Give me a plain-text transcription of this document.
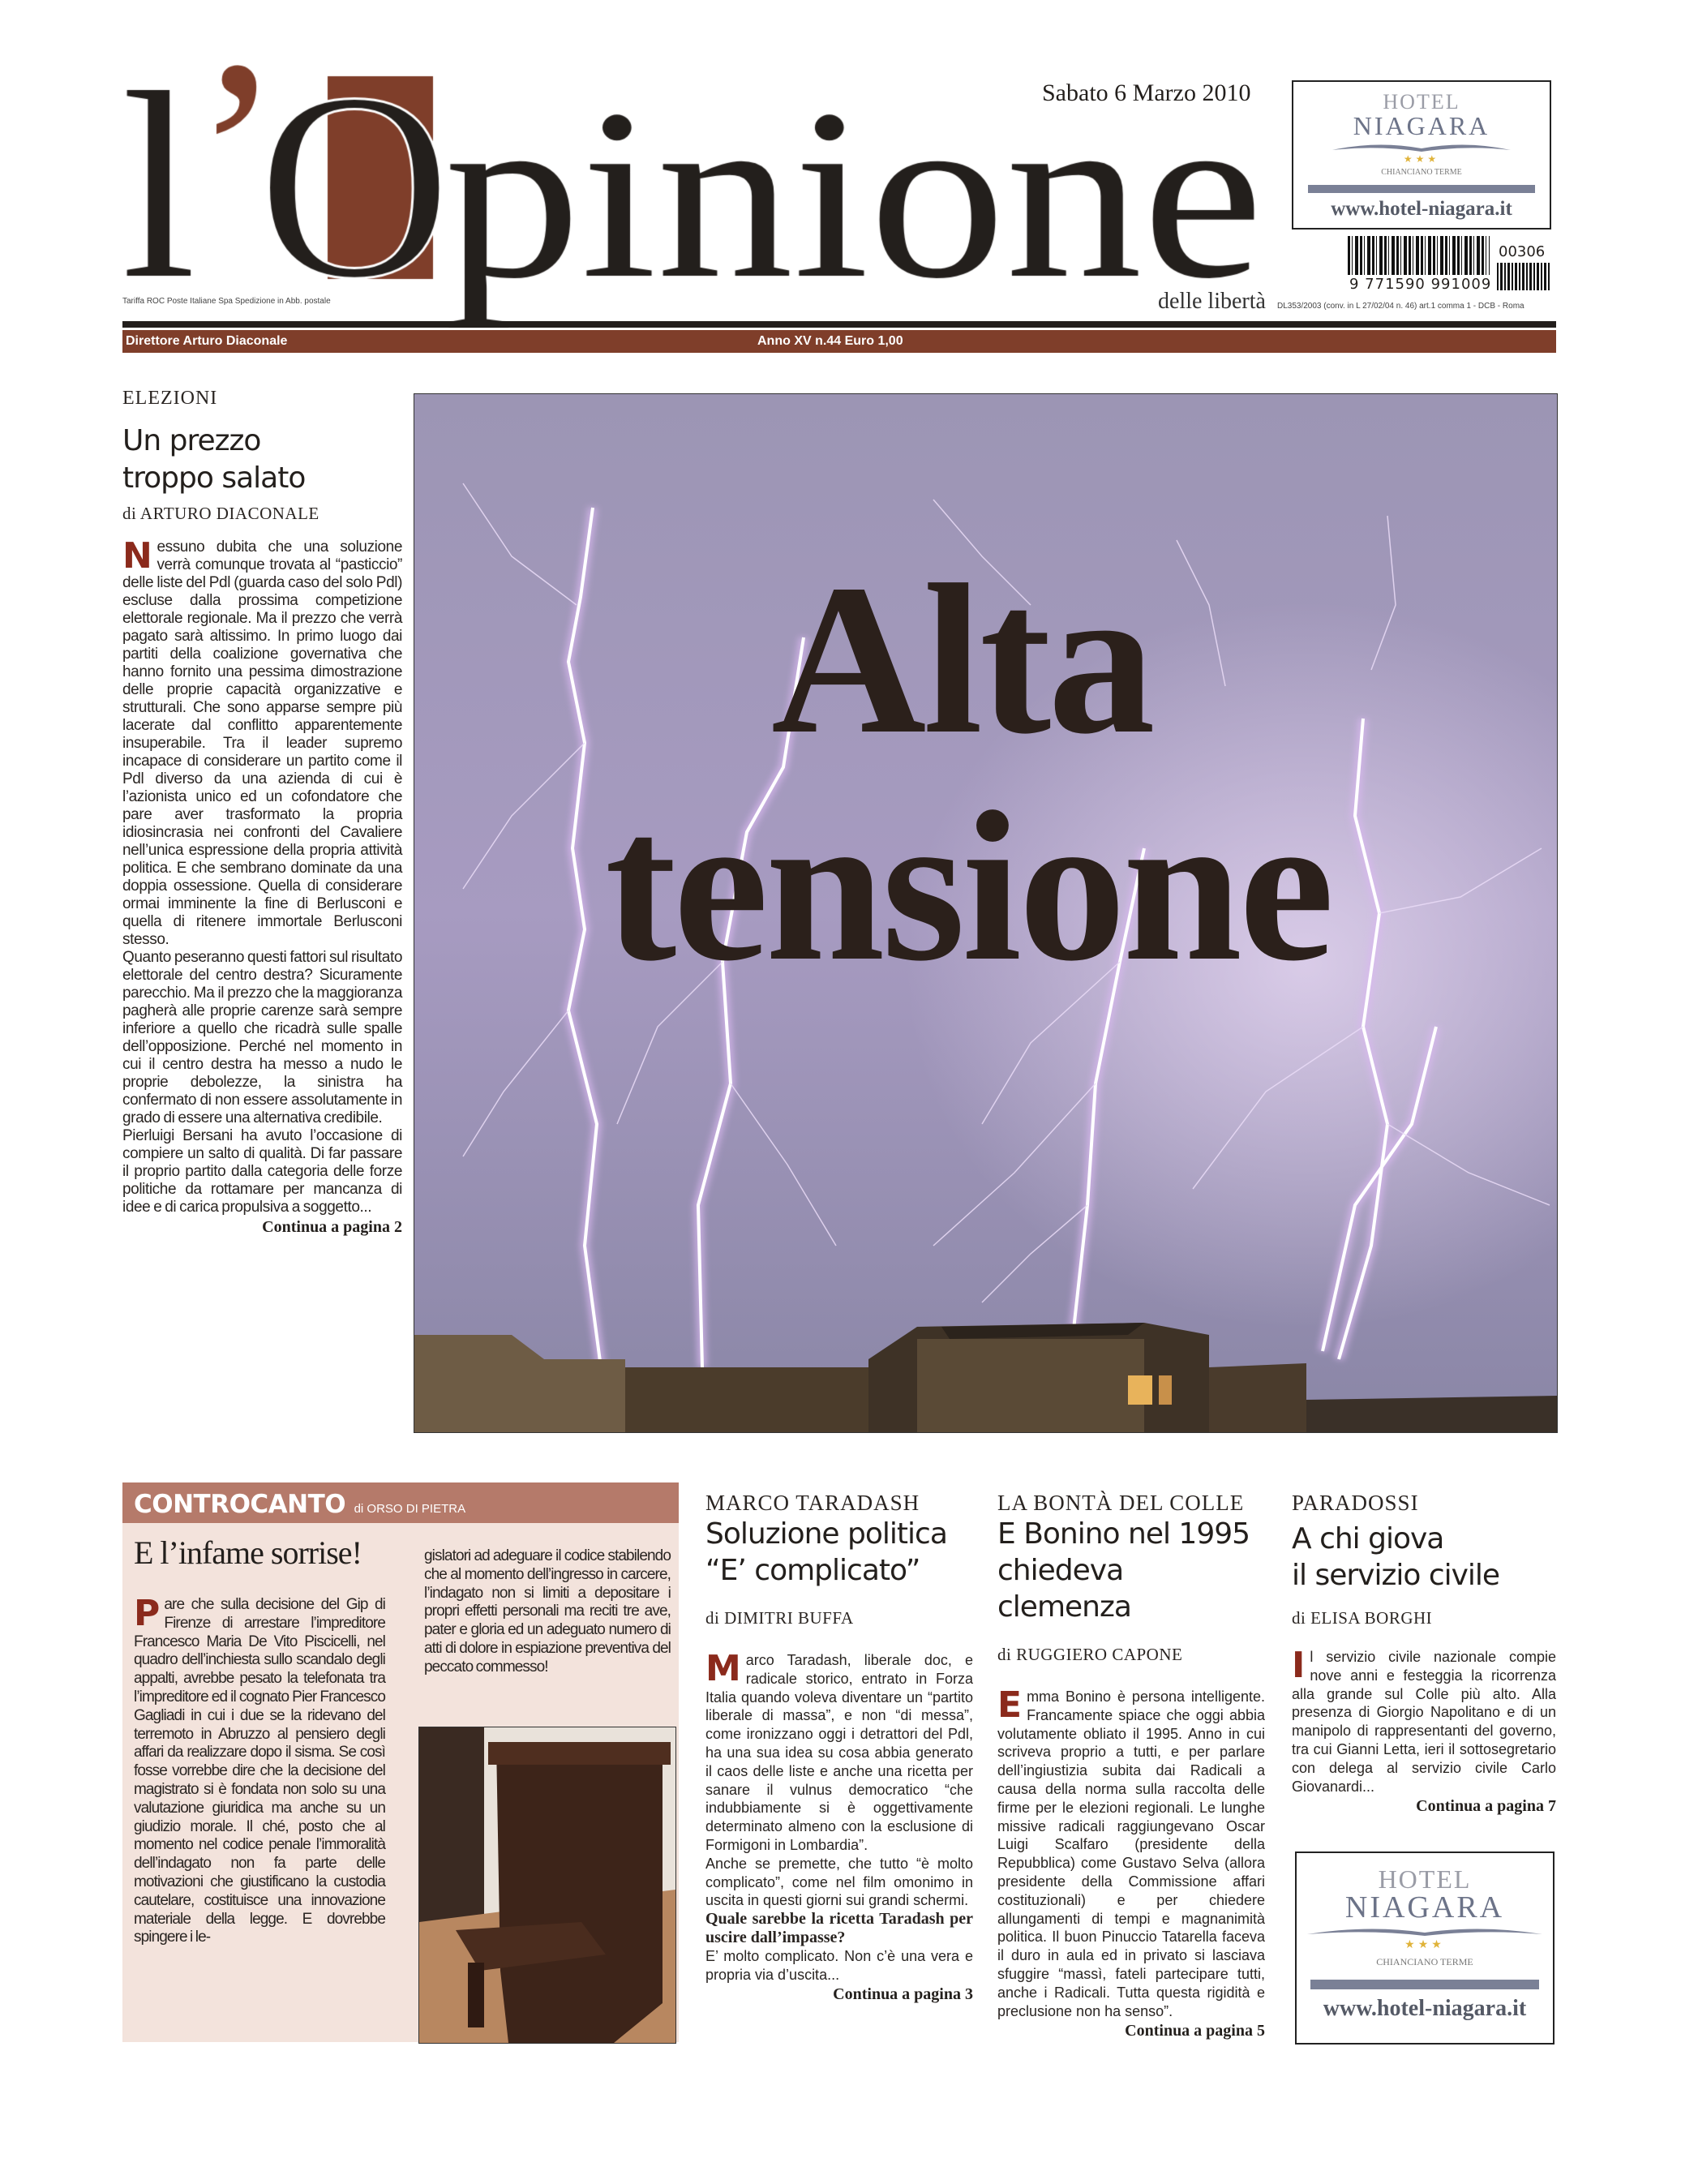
Sabato 6 Marzo 2010
delle libertà
Tariffa ROC Poste Italiane Spa Spedizione in Abb. postale
DL353/2003 (conv. in L 27/02/04 n. 46) art.1 comma 1 - DCB - Roma
HOTEL
NIAGARA
★★★
CHIANCIANO TERME
www.hotel-niagara.it
9 771590 991009
00306
Direttore Arturo Diaconale	Anno XV n.44 Euro 1,00
ELEZIONI
Un prezzo
troppo salato
di ARTURO DIACONALE

Nessuno dubita che una soluzione verrà comunque trovata al “pasticcio” delle liste del Pdl (guarda caso del solo Pdl) escluse dalla prossima competizione elettorale regionale. Ma il prezzo che verrà pagato sarà altissimo. In primo luogo dai partiti della coalizione governativa che hanno fornito una pessima dimostrazione delle proprie capacità organizzative e strutturali. Che sono apparse sempre più lacerate dal conflitto apparentemente insuperabile. Tra il leader supremo incapace di considerare un partito come il Pdl diverso da una azienda di cui è l’azionista unico ed un cofondatore che pare aver trasformato la propria idiosincrasia nei confronti del Cavaliere nell’unica espressione della propria attività politica. E che sembrano dominate da una doppia ossessione. Quella di considerare ormai imminente la fine di Berlusconi e quella di ritenere immortale Berlusconi stesso.

Quanto peseranno questi fattori sul risultato elettorale del centro destra? Sicuramente parecchio. Ma il prezzo che la maggioranza pagherà alle proprie carenze sarà sempre inferiore a quello che ricadrà sulle spalle dell’opposizione. Perché nel momento in cui il centro destra ha messo a nudo le proprie debolezze, la sinistra ha confermato di non essere assolutamente in grado di essere una alternativa credibile.

Pierluigi Bersani ha avuto l’occasione di compiere un salto di qualità. Di far passare il proprio partito dalla categoria delle forze politiche da rottamare per mancanza di idee e di carica propulsiva a soggetto...

Continua a pagina 2
Alta
tensione
CONTROCANTO di ORSO DI PIETRA
E l’infame sorrise!
Pare che sulla decisione del Gip di Firenze di arrestare l’impreditore Francesco Maria De Vito Piscicelli, nel quadro dell’inchiesta sullo scandalo degli appalti, avrebbe pesato la telefonata tra l’impreditore ed il cognato Pier Francesco Gagliadi in cui i due se la ridevano del terremoto in Abruzzo al pensiero degli affari da realizzare dopo il sisma. Se così fosse vorrebbe dire che la decisione del magistrato si è fondata non solo su una valutazione giuridica ma anche su un giudizio morale. Il ché, posto che al momento nel codice penale l’immoralità dell’indagato non fa parte delle motivazioni che giustificano la custodia cautelare, costituisce una innovazione materiale della legge. E dovrebbe spingere i le-
gislatori ad adeguare il codice stabilendo che al momento dell’ingresso in carcere, l’indagato non si limiti a depositare i propri effetti personali ma reciti tre ave, pater e gloria ed un adeguato numero di atti di dolore in espiazione preventiva del peccato commesso!
MARCO TARADASH
Soluzione politica
“E’ complicato”
di DIMITRI BUFFA

Marco Taradash, liberale doc, e radicale storico, entrato in Forza Italia quando voleva diventare un “partito liberale di massa”, e non “di messa”, come ironizzano oggi i detrattori del Pdl, ha una sua idea su cosa abbia generato il caos delle liste e anche una ricetta per sanare il vulnus democratico “che indubbiamente si è oggettivamente determinato almeno con la esclusione di Formigoni in Lombardia”.

Anche se premette, che tutto “è molto complicato”, come nel film omonimo in uscita in questi giorni sui grandi schermi.

Quale sarebbe la ricetta Taradash per uscire dall’impasse?

E’ molto complicato. Non c’è una vera e propria via d’uscita...

Continua a pagina 3
LA BONTÀ DEL COLLE
E Bonino nel 1995
chiedeva clemenza
di RUGGIERO CAPONE

Emma Bonino è persona intelligente. Francamente spiace che oggi abbia volutamente obliato il 1995. Anno in cui scriveva proprio a tutti, e per parlare dell’ingiustizia subita dai Radicali a causa della norma sulla raccolta delle firme per le elezioni regionali. Le lunghe missive radicali raggiungevano Oscar Luigi Scalfaro (presidente della Repubblica) come Gustavo Selva (allora presidente della Commissione affari costituzionali) e per chiedere allungamenti di tempi e magnanimità politica. Il buon Pinuccio Tatarella faceva il duro in aula ed in privato si lasciava sfuggire “massì, fateli partecipare tutti, anche i Radicali. Tutta questa rigidità e preclusione non ha senso”.

Continua a pagina 5
PARADOSSI
A chi giova
il servizio civile
di ELISA BORGHI

Il servizio civile nazionale compie nove anni e festeggia la ricorrenza alla grande sul Colle più alto. Alla presenza di Giorgio Napolitano e di un manipolo di rappresentanti del governo, tra cui Gianni Letta, ieri il sottosegretario con delega al servizio civile Carlo Giovanardi...

Continua a pagina 7
HOTEL
NIAGARA
★★★
CHIANCIANO TERME
www.hotel-niagara.it
